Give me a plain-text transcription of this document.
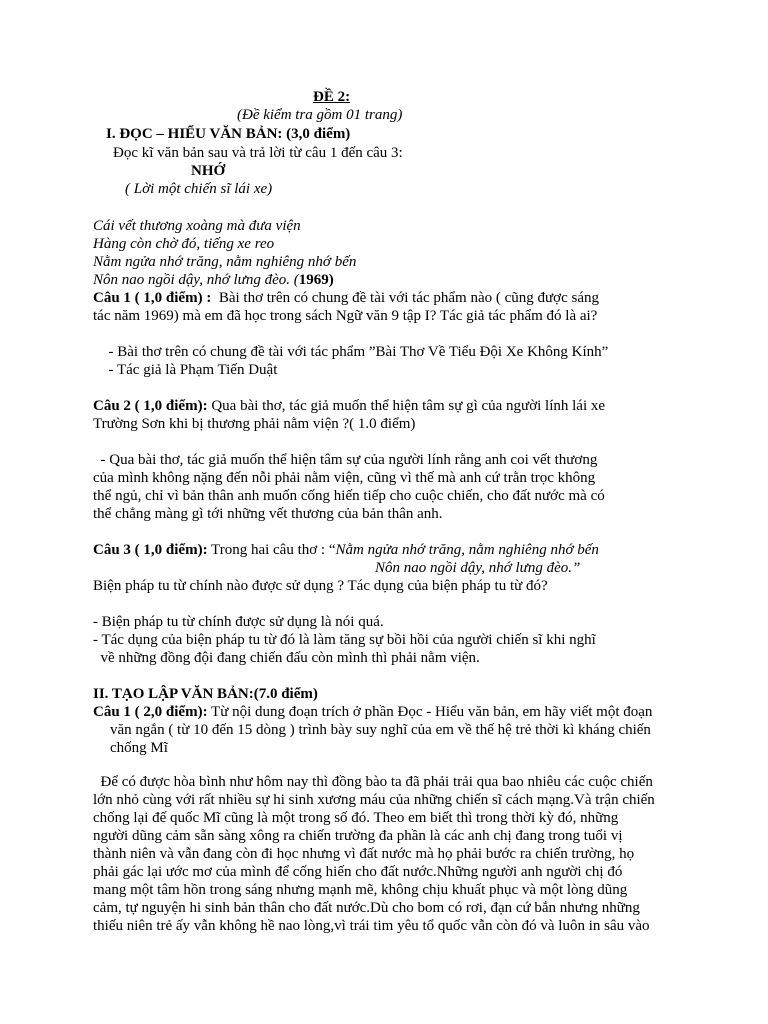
ĐỀ 2:
(Đề kiểm tra gồm 01 trang)
I. ĐỌC – HIỂU VĂN BẢN: (3,0 điểm)
Đọc kĩ văn bản sau và trả lời từ câu 1 đến câu 3:
NHỚ
( Lời một chiến sĩ lái xe)
Cái vết thương xoàng mà đưa viện
Hàng còn chờ đó, tiếng xe reo
Nằm ngửa nhớ trăng, nằm nghiêng nhớ bến
Nôn nao ngồi dậy, nhớ lưng đèo. (1969)
Câu 1 ( 1,0 điểm) :  Bài thơ trên có chung đề tài với tác phẩm nào ( cũng được sáng
tác năm 1969) mà em đã học trong sách Ngữ văn 9 tập I? Tác giả tác phẩm đó là ai?
- Bài thơ trên có chung đề tài với tác phẩm ”Bài Thơ Về Tiểu Đội Xe Không Kính”
- Tác giả là Phạm Tiến Duật
Câu 2 ( 1,0 điểm): Qua bài thơ, tác giả muốn thể hiện tâm sự gì của người lính lái xe
Trường Sơn khi bị thương phải nằm viện ?( 1.0 điểm)
- Qua bài thơ, tác giả muốn thể hiện tâm sự của người lính rằng anh coi vết thương
của mình không nặng đến nỗi phải nằm viện, cũng vì thế mà anh cứ trằn trọc không
thể ngủ, chỉ vì bản thân anh muốn cống hiến tiếp cho cuộc chiến, cho đất nước mà có
thể chẳng màng gì tới những vết thương của bản thân anh.
Câu 3 ( 1,0 điểm): Trong hai câu thơ : “Nằm ngửa nhớ trăng, nằm nghiêng nhớ bến
Nôn nao ngồi dậy, nhớ lưng đèo.”
Biện pháp tu từ chính nào được sử dụng ? Tác dụng của biện pháp tu từ đó?
- Biện pháp tu từ chính được sử dụng là nói quá.
- Tác dụng của biện pháp tu từ đó là làm tăng sự bồi hồi của người chiến sĩ khi nghĩ
về những đồng đội đang chiến đấu còn mình thì phải nằm viện.
II. TẠO LẬP VĂN BẢN:(7.0 điểm)
Câu 1 ( 2,0 điểm): Từ nội dung đoạn trích ở phần Đọc - Hiểu văn bản, em hãy viết một đoạn
văn ngắn ( từ 10 đến 15 dòng ) trình bày suy nghĩ của em về thế hệ trẻ thời kì kháng chiến
chống Mĩ
Để có được hòa bình như hôm nay thì đồng bào ta đã phải trải qua bao nhiêu các cuộc chiến
lớn nhỏ cùng với rất nhiều sự hi sinh xương máu của những chiến sĩ cách mạng.Và trận chiến
chống lại đế quốc Mĩ cũng là một trong số đó. Theo em biết thì trong thời kỳ đó, những
người dũng cảm sẵn sàng xông ra chiến trường đa phần là các anh chị đang trong tuổi vị
thành niên và vẫn đang còn đi học nhưng vì đất nước mà họ phải bước ra chiến trường, họ
phải gác lại ước mơ của mình để cống hiến cho đất nước.Những người anh người chị đó
mang một tâm hồn trong sáng nhưng mạnh mẽ, không chịu khuất phục và một lòng dũng
cảm, tự nguyện hi sinh bản thân cho đất nước.Dù cho bom có rơi, đạn cứ bắn nhưng những
thiếu niên trẻ ấy vẫn không hề nao lòng,vì trái tim yêu tổ quốc vẫn còn đó và luôn in sâu vào
